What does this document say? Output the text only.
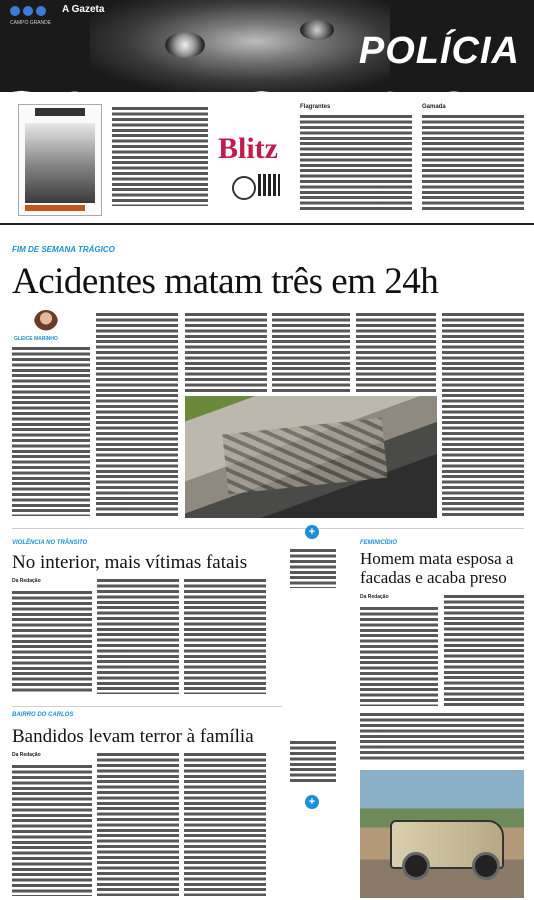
A Gazeta
CAMPO GRANDE
POLÍCIA
Flagrantes	Gamada
Blitz
FIM DE SEMANA TRÁGICO
Acidentes matam três em 24h
GLEICE MARINHO
VIOLÊNCIA NO TRÂNSITO
No interior, mais vítimas fatais
Da Redação
+
FEMINICÍDIO
Homem mata esposa a facadas e acaba preso
Da Redação
BAIRRO DO CARLOS
Bandidos levam terror à família
Da Redação
+
